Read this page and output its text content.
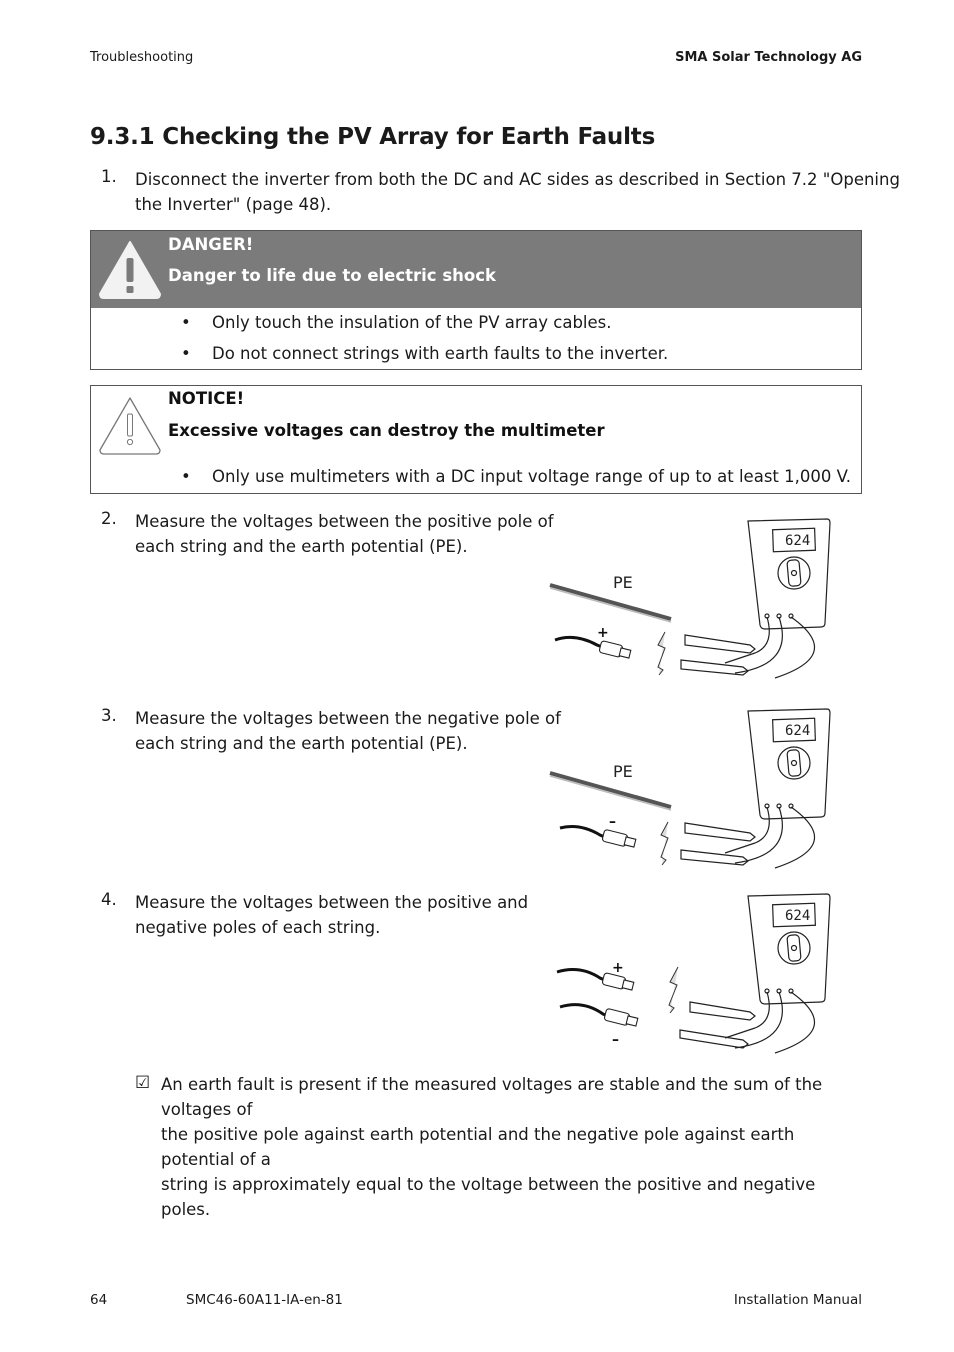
Troubleshooting	SMA Solar Technology AG
9.3.1 Checking the PV Array for Earth Faults
1. Disconnect the inverter from both the DC and AC sides as described in Section 7.2 "Opening
the Inverter" (page 48).
DANGER!
Danger to life due to electric shock
• Only touch the insulation of the PV array cables.
• Do not connect strings with earth faults to the inverter.
NOTICE!
Excessive voltages can destroy the multimeter
• Only use multimeters with a DC input voltage range of up to at least 1,000 V.
2. Measure the voltages between the positive pole of
each string and the earth potential (PE).
+
PE
624
3. Measure the voltages between the negative pole of
each string and the earth potential (PE).
–
PE
624
4. Measure the voltages between the positive and
negative poles of each string.
+
–
624
☑ An earth fault is present if the measured voltages are stable and the sum of the voltages of
the positive pole against earth potential and the negative pole against earth potential of a
string is approximately equal to the voltage between the positive and negative poles.
64	SMC46-60A11-IA-en-81	Installation Manual
